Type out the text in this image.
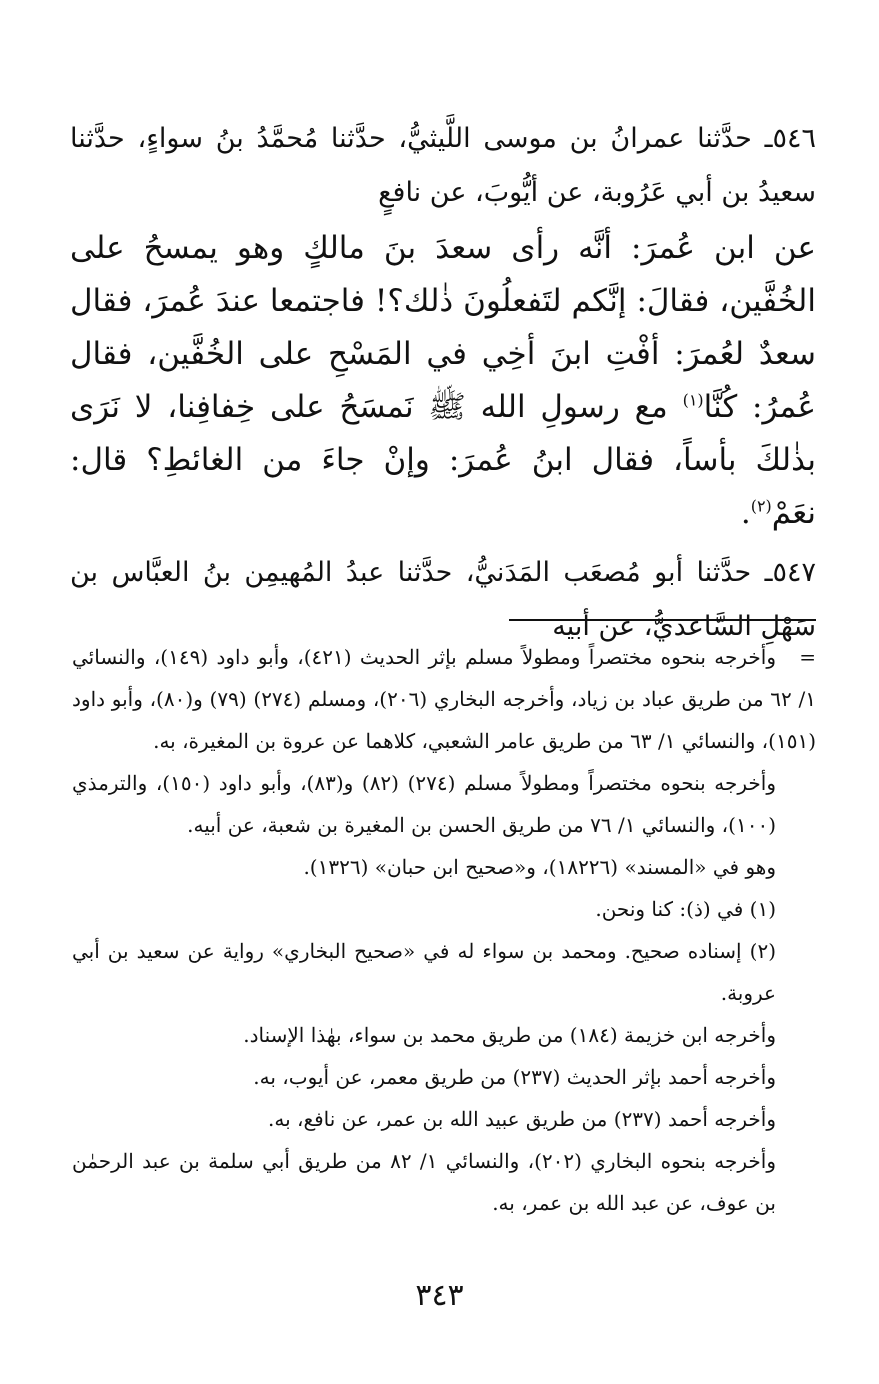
٥٤٦ـ حدَّثنا عمرانُ بن موسى اللَّيثيُّ، حدَّثنا مُحمَّدُ بنُ سواءٍ، حدَّثنا سعيدُ بن أبي عَرُوبة، عن أيُّوبَ، عن نافعٍ

عن ابن عُمرَ: أنَّه رأى سعدَ بنَ مالكٍ وهو يمسحُ على الخُفَّين، فقالَ: إنَّكم لتَفعلُونَ ذٰلك؟! فاجتمعا عندَ عُمرَ، فقال سعدٌ لعُمرَ: أفْتِ ابنَ أخِي في المَسْحِ على الخُفَّين، فقال عُمرُ: كُنَّا$^{(١)}$ مع رسولِ الله ﷺ نَمسَحُ على خِفافِنا، لا نَرَى بذٰلكَ بأساً، فقال ابنُ عُمرَ: وإنْ جاءَ من الغائطِ؟ قال: نعَمْ$^{(٢)}$.

٥٤٧ـ حدَّثنا أبو مُصعَب المَدَنيُّ، حدَّثنا عبدُ المُهيمِن بنُ العبَّاس بن سَهْلِ السَّاعديُّ، عن أبيه

=وأخرجه بنحوه مختصراً ومطولاً مسلم بإثر الحديث (٤٢١)، وأبو داود (١٤٩)، والنسائي ١/ ٦٢ من طريق عباد بن زياد، وأخرجه البخاري (٢٠٦)، ومسلم (٢٧٤) (٧٩) و(٨٠)، وأبو داود (١٥١)، والنسائي ١/ ٦٣ من طريق عامر الشعبي، كلاهما عن عروة بن المغيرة، به.

وأخرجه بنحوه مختصراً ومطولاً مسلم (٢٧٤) (٨٢) و(٨٣)، وأبو داود (١٥٠)، والترمذي (١٠٠)، والنسائي ١/ ٧٦ من طريق الحسن بن المغيرة بن شعبة، عن أبيه.

وهو في «المسند» (١٨٢٢٦)، و«صحيح ابن حبان» (١٣٢٦).

(١) في (ذ): كنا ونحن.

(٢) إسناده صحيح. ومحمد بن سواء له في «صحيح البخاري» رواية عن سعيد بن أبي عروبة.

وأخرجه ابن خزيمة (١٨٤) من طريق محمد بن سواء، بهٰذا الإسناد.

وأخرجه أحمد بإثر الحديث (٢٣٧) من طريق معمر، عن أيوب، به.

وأخرجه أحمد (٢٣٧) من طريق عبيد الله بن عمر، عن نافع، به.

وأخرجه بنحوه البخاري (٢٠٢)، والنسائي ١/ ٨٢ من طريق أبي سلمة بن عبد الرحمٰن بن عوف، عن عبد الله بن عمر، به.

٣٤٣
